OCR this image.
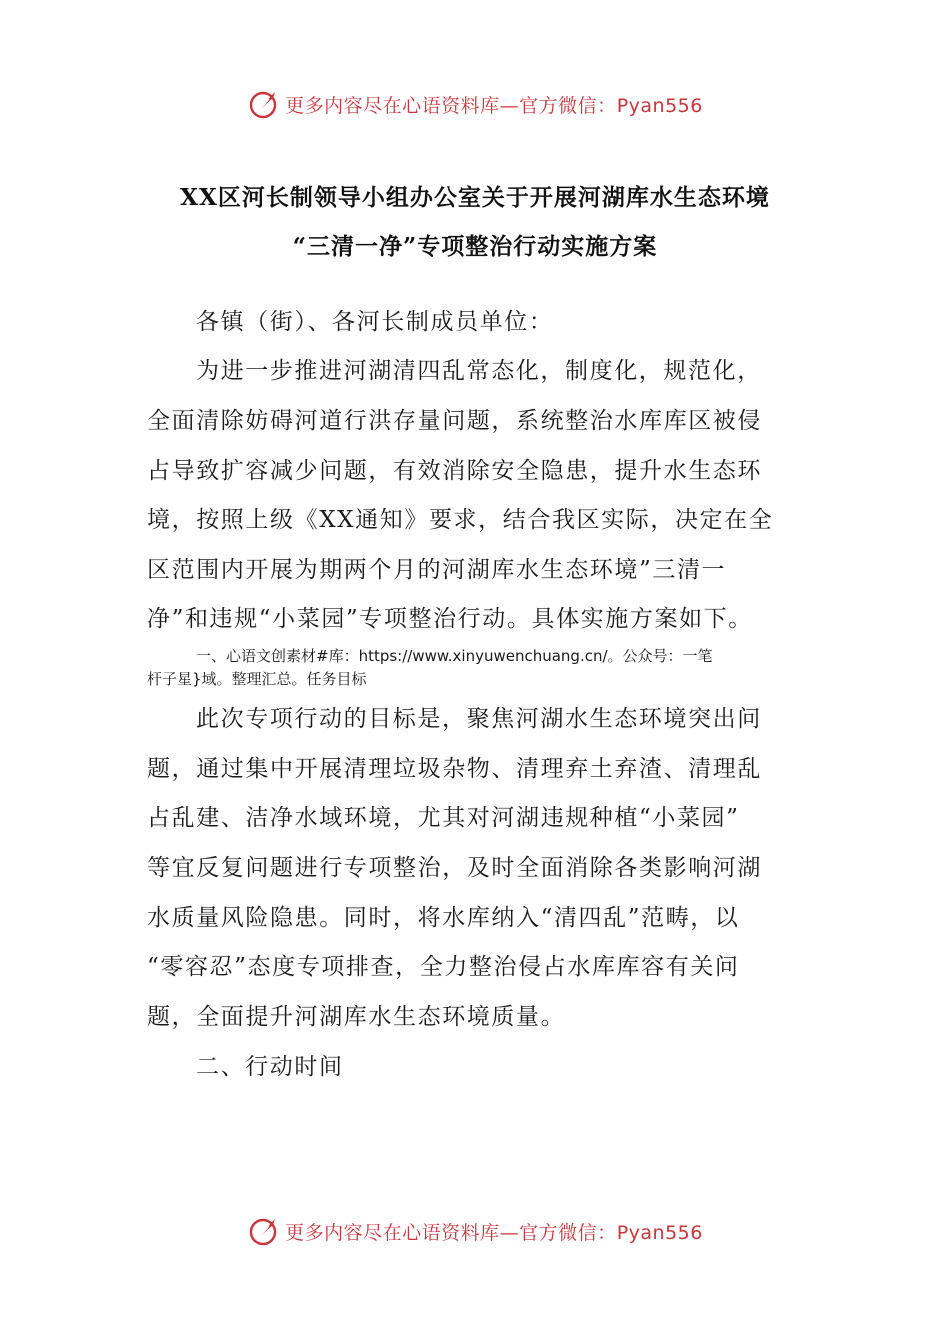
更多内容尽在心语资料库—官方微信：Pyan556
XX区河长制领导小组办公室关于开展河湖库水生态环境
“三清一净”专项整治行动实施方案
各镇（街）、各河长制成员单位：
为进一步推进河湖清四乱常态化，制度化，规范化，
全面清除妨碍河道行洪存量问题，系统整治水库库区被侵
占导致扩容减少问题，有效消除安全隐患，提升水生态环
境，按照上级《XX通知》要求，结合我区实际，决定在全
区范围内开展为期两个月的河湖库水生态环境”三清一
净”和违规“小菜园”专项整治行动。具体实施方案如下。
一、心语文创素材#库：https://www.xinyuwenchuang.cn/。公众号：一笔
杆子星}域。整理汇总。任务目标
此次专项行动的目标是，聚焦河湖水生态环境突出问
题，通过集中开展清理垃圾杂物、清理弃土弃渣、清理乱
占乱建、洁净水域环境，尤其对河湖违规种植“小菜园”
等宜反复问题进行专项整治，及时全面消除各类影响河湖
水质量风险隐患。同时，将水库纳入“清四乱”范畴，以
“零容忍”态度专项排查，全力整治侵占水库库容有关问
题，全面提升河湖库水生态环境质量。
二、行动时间
更多内容尽在心语资料库—官方微信：Pyan556
